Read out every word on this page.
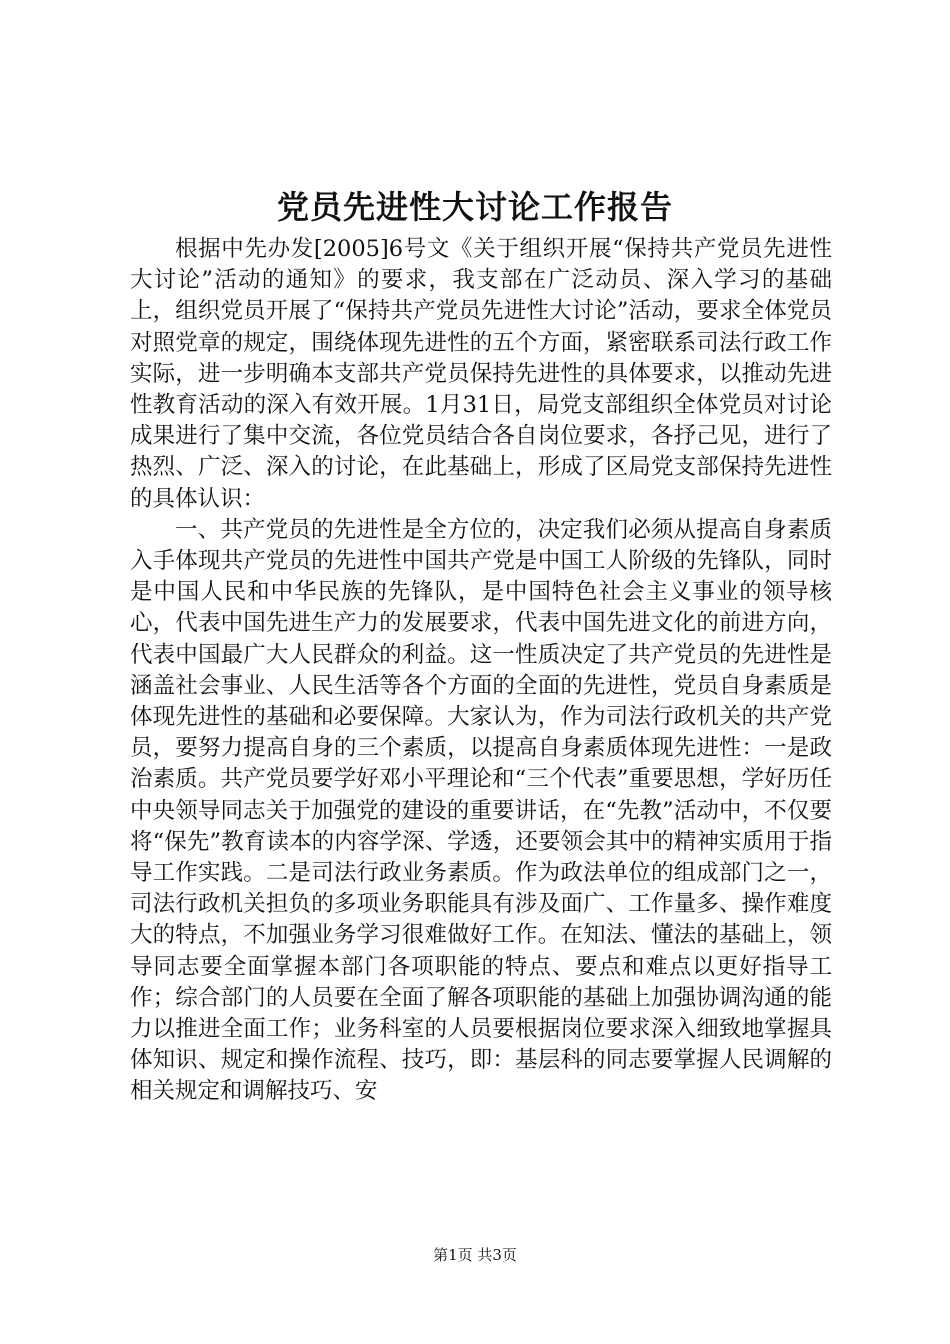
党员先进性大讨论工作报告

根据中先办发[2005]6号文《关于组织开展“保持共产党员先进性大讨论”活动的通知》的要求，我支部在广泛动员、深入学习的基础上，组织党员开展了“保持共产党员先进性大讨论”活动，要求全体党员对照党章的规定，围绕体现先进性的五个方面，紧密联系司法行政工作实际，进一步明确本支部共产党员保持先进性的具体要求，以推动先进性教育活动的深入有效开展。1月31日，局党支部组织全体党员对讨论成果进行了集中交流，各位党员结合各自岗位要求，各抒己见，进行了热烈、广泛、深入的讨论，在此基础上，形成了区局党支部保持先进性的具体认识：

一、共产党员的先进性是全方位的，决定我们必须从提高自身素质入手体现共产党员的先进性中国共产党是中国工人阶级的先锋队，同时是中国人民和中华民族的先锋队，是中国特色社会主义事业的领导核心，代表中国先进生产力的发展要求，代表中国先进文化的前进方向，代表中国最广大人民群众的利益。这一性质决定了共产党员的先进性是涵盖社会事业、人民生活等各个方面的全面的先进性，党员自身素质是体现先进性的基础和必要保障。大家认为，作为司法行政机关的共产党员，要努力提高自身的三个素质，以提高自身素质体现先进性：一是政治素质。共产党员要学好邓小平理论和“三个代表”重要思想，学好历任中央领导同志关于加强党的建设的重要讲话，在“先教”活动中，不仅要将“保先”教育读本的内容学深、学透，还要领会其中的精神实质用于指导工作实践。二是司法行政业务素质。作为政法单位的组成部门之一，司法行政机关担负的多项业务职能具有涉及面广、工作量多、操作难度大的特点，不加强业务学习很难做好工作。在知法、懂法的基础上，领导同志要全面掌握本部门各项职能的特点、要点和难点以更好指导工作；综合部门的人员要在全面了解各项职能的基础上加强协调沟通的能力以推进全面工作；业务科室的人员要根据岗位要求深入细致地掌握具体知识、规定和操作流程、技巧，即：基层科的同志要掌握人民调解的相关规定和调解技巧、安

第1页 共3页
